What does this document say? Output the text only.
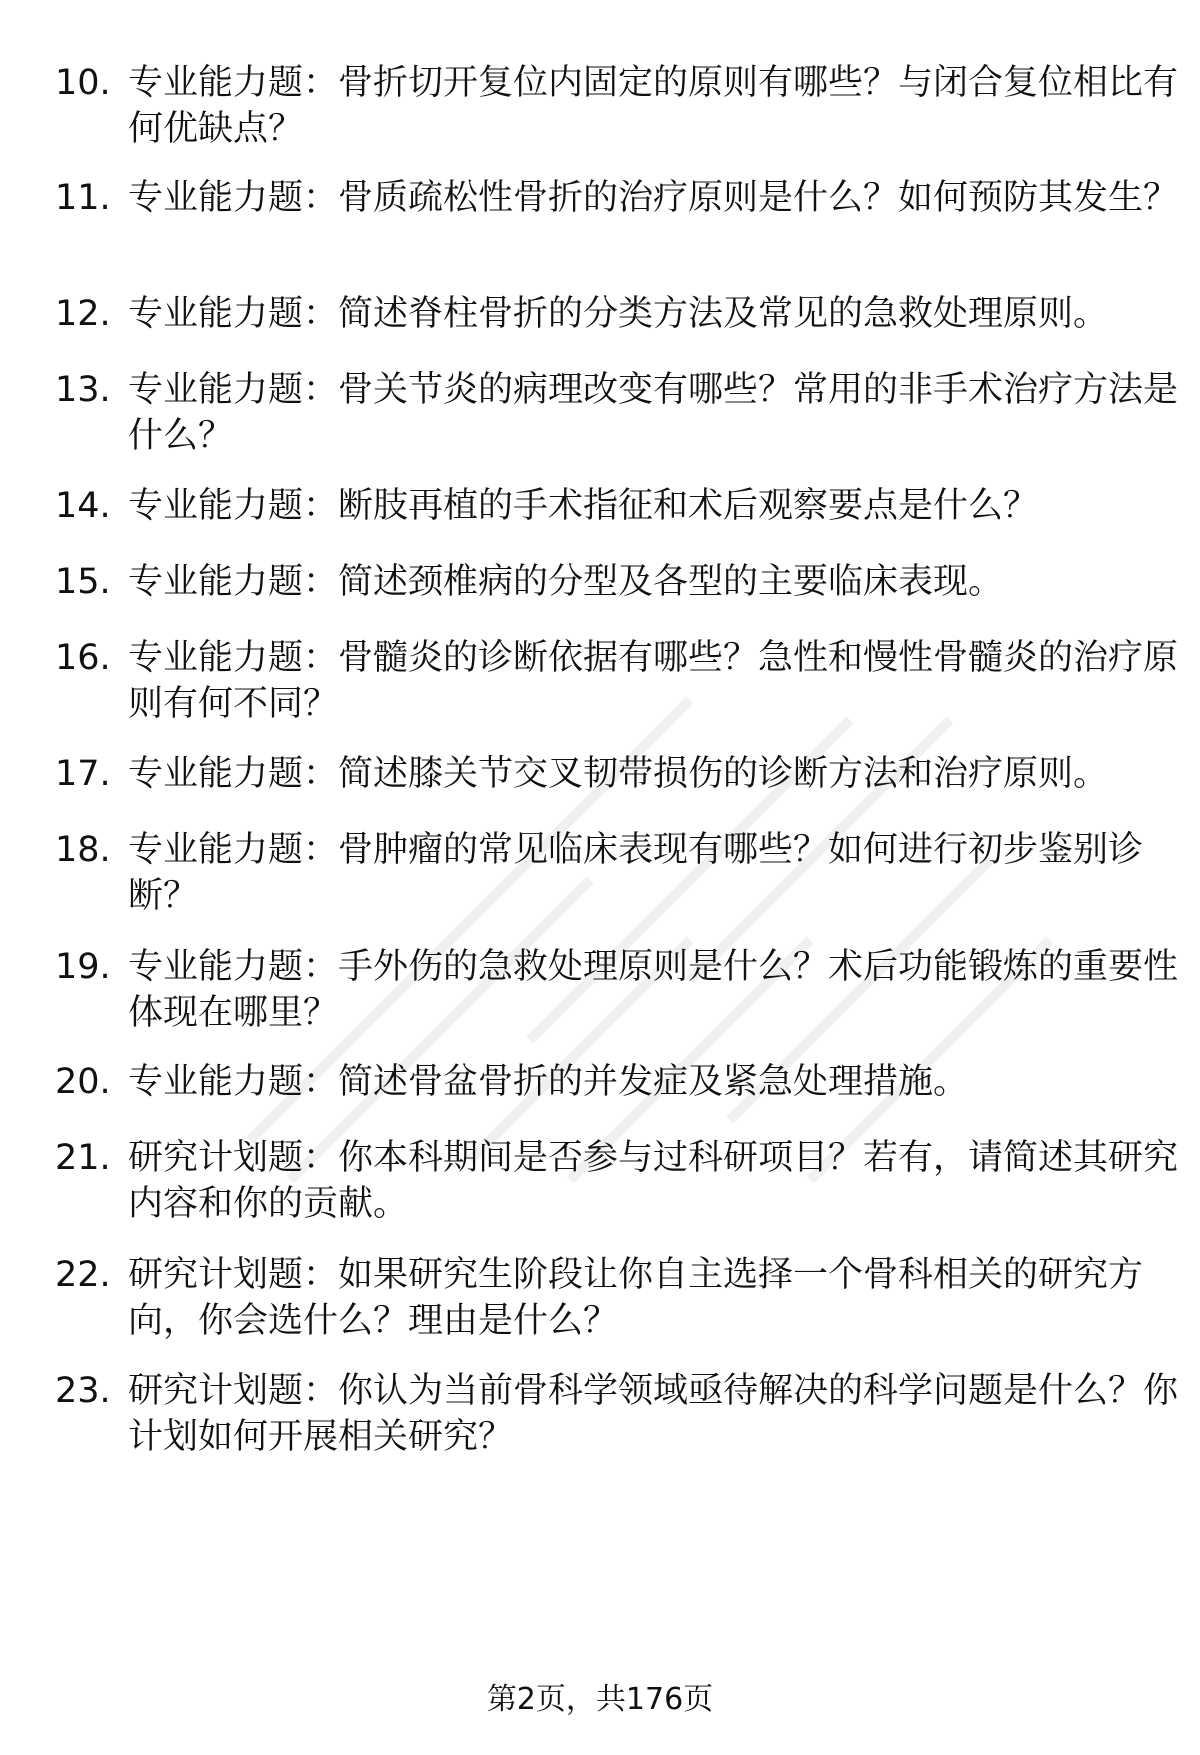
10. 专业能力题：骨折切开复位内固定的原则有哪些？与闭合复位相比有何优缺点？
11. 专业能力题：骨质疏松性骨折的治疗原则是什么？如何预防其发生？
12. 专业能力题：简述脊柱骨折的分类方法及常见的急救处理原则。
13. 专业能力题：骨关节炎的病理改变有哪些？常用的非手术治疗方法是什么？
14. 专业能力题：断肢再植的手术指征和术后观察要点是什么？
15. 专业能力题：简述颈椎病的分型及各型的主要临床表现。
16. 专业能力题：骨髓炎的诊断依据有哪些？急性和慢性骨髓炎的治疗原则有何不同？
17. 专业能力题：简述膝关节交叉韧带损伤的诊断方法和治疗原则。
18. 专业能力题：骨肿瘤的常见临床表现有哪些？如何进行初步鉴别诊断？
19. 专业能力题：手外伤的急救处理原则是什么？术后功能锻炼的重要性体现在哪里？
20. 专业能力题：简述骨盆骨折的并发症及紧急处理措施。
21. 研究计划题：你本科期间是否参与过科研项目？若有，请简述其研究内容和你的贡献。
22. 研究计划题：如果研究生阶段让你自主选择一个骨科相关的研究方向，你会选什么？理由是什么？
23. 研究计划题：你认为当前骨科学领域亟待解决的科学问题是什么？你计划如何开展相关研究？
第2页，共176页
